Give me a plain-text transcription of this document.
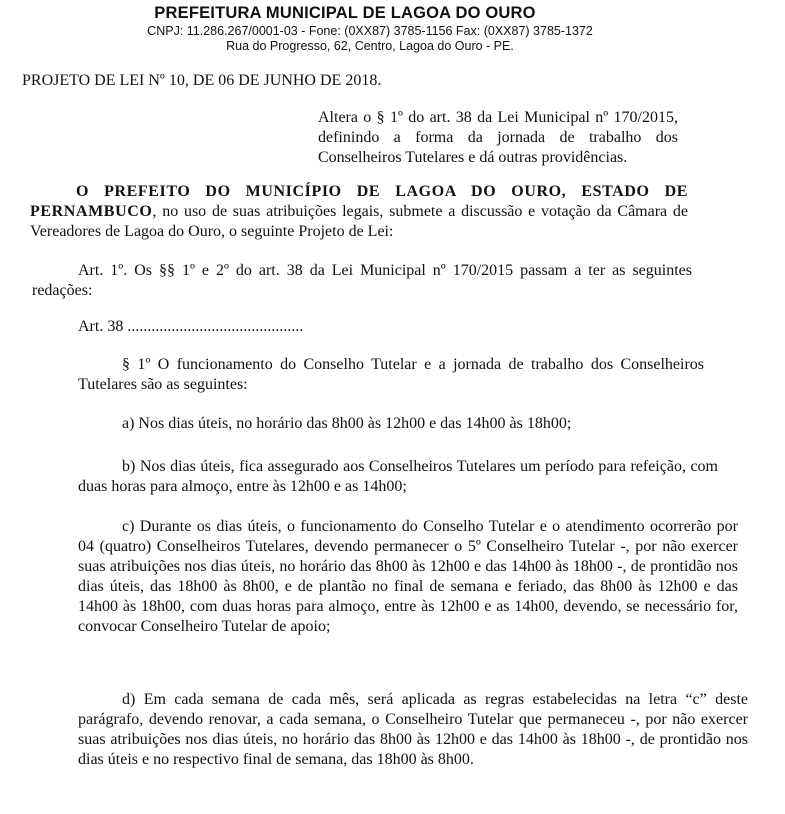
PREFEITURA MUNICIPAL DE LAGOA DO OURO
CNPJ: 11.286.267/0001-03 - Fone: (0XX87) 3785-1156 Fax: (0XX87) 3785-1372
Rua do Progresso, 62, Centro, Lagoa do Ouro - PE.
PROJETO DE LEI Nº 10, DE 06 DE JUNHO DE 2018.
Altera o § 1º do art. 38 da Lei Municipal nº 170/2015, definindo a forma da jornada de trabalho dos Conselheiros Tutelares e dá outras providências.
O PREFEITO DO MUNICÍPIO DE LAGOA DO OURO, ESTADO DE PERNAMBUCO, no uso de suas atribuições legais, submete a discussão e votação da Câmara de Vereadores de Lagoa do Ouro, o seguinte Projeto de Lei:
Art. 1º. Os §§ 1º e 2º do art. 38 da Lei Municipal nº 170/2015 passam a ter as seguintes redações:
Art. 38 ............................................
§ 1º O funcionamento do Conselho Tutelar e a jornada de trabalho dos Conselheiros Tutelares são as seguintes:
a) Nos dias úteis, no horário das 8h00 às 12h00 e das 14h00 às 18h00;
b) Nos dias úteis, fica assegurado aos Conselheiros Tutelares um período para refeição, com duas horas para almoço, entre às 12h00 e as 14h00;
c) Durante os dias úteis, o funcionamento do Conselho Tutelar e o atendimento ocorrerão por 04 (quatro) Conselheiros Tutelares, devendo permanecer o 5º Conselheiro Tutelar -, por não exercer suas atribuições nos dias úteis, no horário das 8h00 às 12h00 e das 14h00 às 18h00 -, de prontidão nos dias úteis, das 18h00 às 8h00, e de plantão no final de semana e feriado, das 8h00 às 12h00 e das 14h00 às 18h00, com duas horas para almoço, entre às 12h00 e as 14h00, devendo, se necessário for, convocar Conselheiro Tutelar de apoio;
d) Em cada semana de cada mês, será aplicada as regras estabelecidas na letra “c” deste parágrafo, devendo renovar, a cada semana, o Conselheiro Tutelar que permaneceu -, por não exercer suas atribuições nos dias úteis, no horário das 8h00 às 12h00 e das 14h00 às 18h00 -, de prontidão nos dias úteis e no respectivo final de semana, das 18h00 às 8h00.
